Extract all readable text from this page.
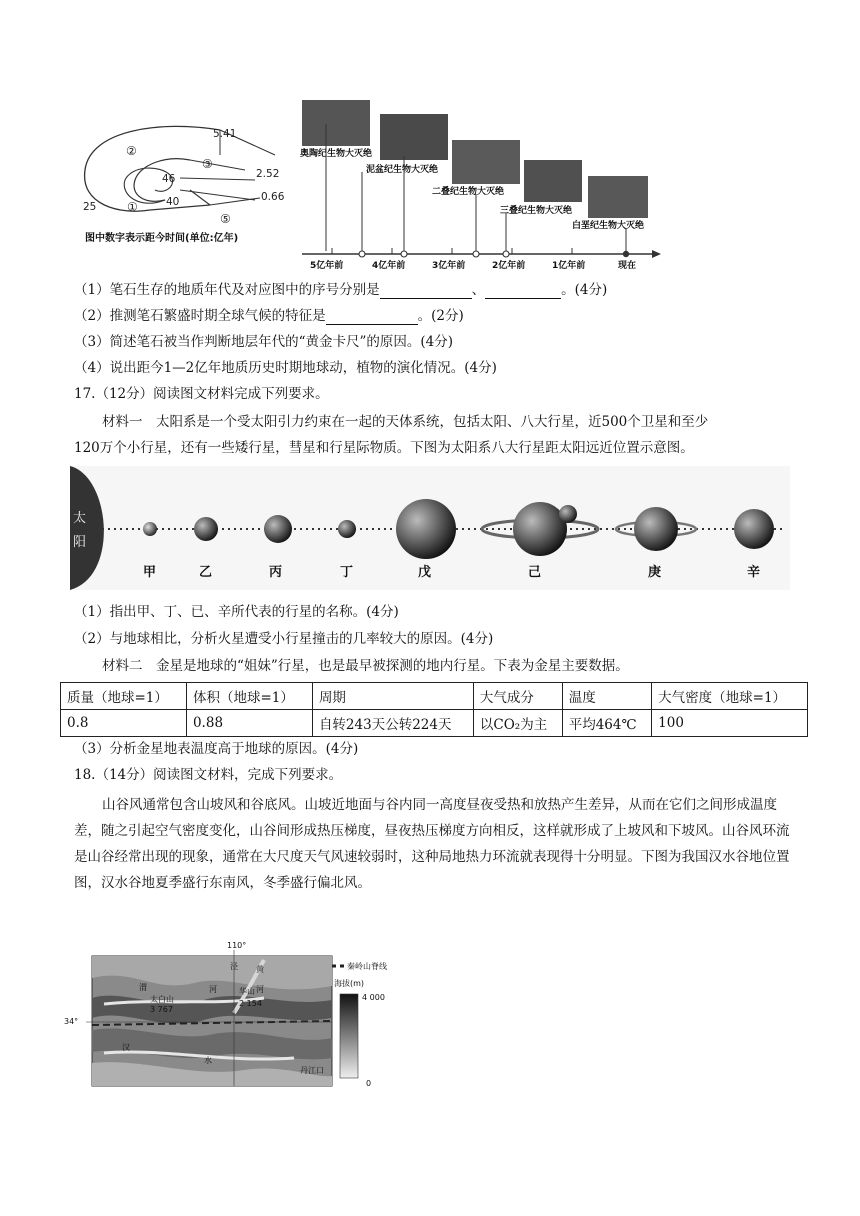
5.41
2.52
0.66
46
40
25
②
③
①
⑤
图中数字表示距今时间(单位:亿年)
奥陶纪生物大灭绝
泥盆纪生物大灭绝
二叠纪生物大灭绝
三叠纪生物大灭绝
白垩纪生物大灭绝
5亿年前	4亿年前	3亿年前	2亿年前	1亿年前	现在
（1）笔石生存的地质年代及对应图中的序号分别是	、	。(4分)
（2）推测笔石繁盛时期全球气候的特征是	。(2分)
（3）简述笔石被当作判断地层年代的“黄金卡尺”的原因。(4分)
（4）说出距今1—2亿年地质历史时期地球动，植物的演化情况。(4分)
17.（12分）阅读图文材料完成下列要求。
材料一　太阳系是一个受太阳引力约束在一起的天体系统，包括太阳、八大行星，近500个卫星和至少
120万个小行星，还有一些矮行星，彗星和行星际物质。下图为太阳系八大行星距太阳远近位置示意图。
太
阳
甲	乙	丙	丁	戊	己	庚	辛
（1）指出甲、丁、已、辛所代表的行星的名称。(4分)
（2）与地球相比，分析火星遭受小行星撞击的几率较大的原因。(4分)
材料二　金星是地球的“姐妹”行星，也是最早被探测的地内行星。下表为金星主要数据。
质量（地球=1）	体积（地球=1）	周期	大气成分	温度	大气密度（地球=1）
0.8	0.88	自转243天公转224天	以CO₂为主	平均464℃	100
（3）分析金星地表温度高于地球的原因。(4分)
18.（14分）阅读图文材料，完成下列要求。
山谷风通常包含山坡风和谷底风。山坡近地面与谷内同一高度昼夜受热和放热产生差异，从而在它们之间形成温度差，随之引起空气密度变化，山谷间形成热压梯度，昼夜热压梯度方向相反，这样就形成了上坡风和下坡风。山谷风环流是山谷经常出现的现象，通常在大尺度天气风速较弱时，这种局地热力环流就表现得十分明显。下图为我国汉水谷地位置图，汉水谷地夏季盛行东南风，冬季盛行偏北风。
110°
34°
渭	河
汉
水
泾 黄
河
太白山
3 767
华山
2 154
丹江口
秦岭山脊线
海拔(m)
4 000
0
